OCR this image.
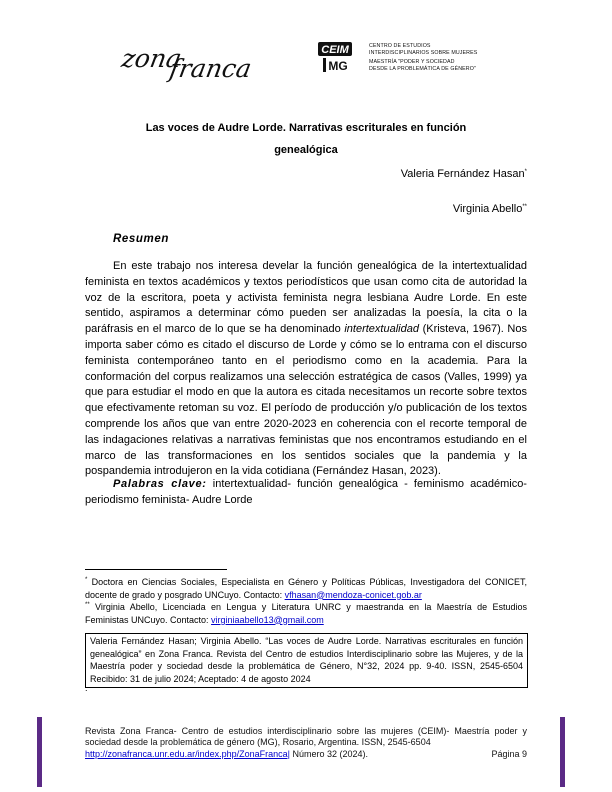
zona
franca
CEIM
MG
CENTRO DE ESTUDIOS
INTERDISCIPLINARIOS SOBRE MUJERES
MAESTRÍA "PODER Y SOCIEDAD
DESDE LA PROBLEMÁTICA DE GÉNERO"
Las voces de Audre Lorde. Narrativas escriturales en función
genealógica
Valeria Fernández Hasan*
Virginia Abello**
Resumen
En este trabajo nos interesa develar la función genealógica de la intertextualidad feminista en textos académicos y textos periodísticos que usan como cita de autoridad la voz de la escritora, poeta y activista feminista negra lesbiana Audre Lorde. En este sentido, aspiramos a determinar cómo pueden ser analizadas la poesía, la cita o la paráfrasis en el marco de lo que se ha denominado intertextualidad (Kristeva, 1967). Nos importa saber cómo es citado el discurso de Lorde y cómo se lo entrama con el discurso feminista contemporáneo tanto en el periodismo como en la academia. Para la conformación del corpus realizamos una selección estratégica de casos (Valles, 1999) ya que para estudiar el modo en que la autora es citada necesitamos un recorte sobre textos que efectivamente retoman su voz. El período de producción y/o publicación de los textos comprende los años que van entre 2020-2023 en coherencia con el recorte temporal de las indagaciones relativas a narrativas feministas que nos encontramos estudiando en el marco de las transformaciones en los sentidos sociales que la pandemia y la pospandemia introdujeron en la vida cotidiana (Fernández Hasan, 2023).
Palabras clave: intertextualidad- función genealógica - feminismo académico- periodismo feminista- Audre Lorde
* Doctora en Ciencias Sociales, Especialista en Género y Políticas Públicas, Investigadora del CONICET, docente de grado y posgrado UNCuyo. Contacto: vfhasan@mendoza-conicet.gob.ar
** Virginia Abello, Licenciada en Lengua y Literatura UNRC y maestranda en la Maestría de Estudios Feministas UNCuyo. Contacto: virginiaabello13@gmail.com
Valeria Fernández Hasan; Virginia Abello. “Las voces de Audre Lorde. Narrativas escriturales en función genealógica” en Zona Franca. Revista del Centro de estudios Interdisciplinario sobre las Mujeres, y de la Maestría poder y sociedad desde la problemática de Género, N°32, 2024 pp. 9-40. ISSN, 2545-6504 Recibido: 31 de julio 2024; Aceptado: 4 de agosto 2024
.
Revista Zona Franca- Centro de estudios interdisciplinario sobre las mujeres (CEIM)- Maestría poder y sociedad desde la problemática de género (MG), Rosario, Argentina. ISSN, 2545-6504
http://zonafranca.unr.edu.ar/index.php/ZonaFranca| Número 32 (2024).	Página 9
